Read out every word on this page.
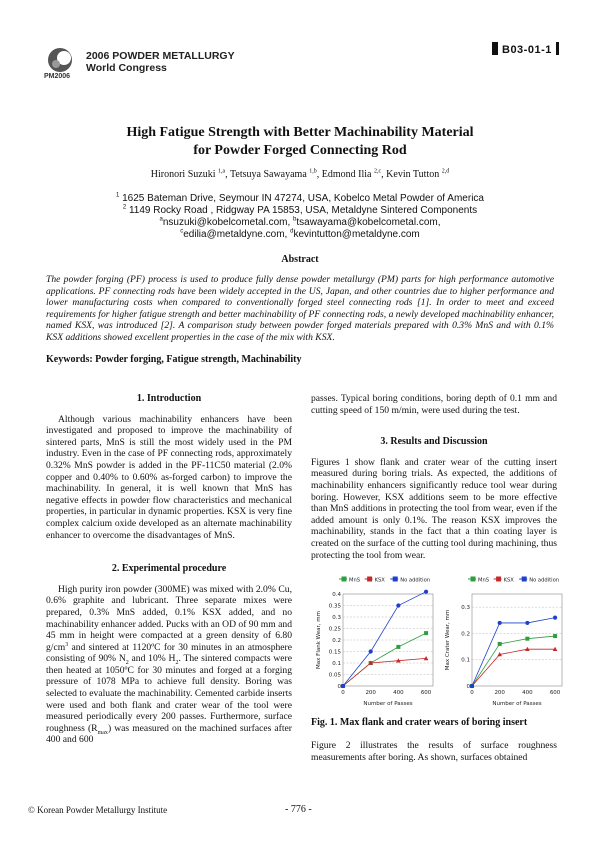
2006 POWDER METALLURGY
World Congress
PM2006
B03-01-1
High Fatigue Strength with Better Machinability Material
for Powder Forged Connecting Rod
Hironori Suzuki $^{1,a}$, Tetsuya Sawayama $^{1,b}$, Edmond Ilia $^{2,c}$, Kevin Tutton $^{2,d}$
$^1$ 1625 Bateman Drive, Seymour IN 47274, USA, Kobelco Metal Powder of America
$^2$ 1149 Rocky Road , Ridgway PA 15853, USA, Metaldyne Sintered Components
$^a$nsuzuki@kobelcometal.com, $^b$tsawayama@kobelcometal.com,
$^c$edilia@metaldyne.com, $^d$kevintutton@metaldyne.com
Abstract
The powder forging (PF) process is used to produce fully dense powder metallurgy (PM) parts for high performance automotive applications. PF connecting rods have been widely accepted in the US, Japan, and other countries due to higher performance and lower manufacturing costs when compared to conventionally forged steel connecting rods [1]. In order to meet and exceed requirements for higher fatigue strength and better machinability of PF connecting rods, a newly developed machinability enhancer, named KSX, was introduced [2]. A comparison study between powder forged materials prepared with 0.3% MnS and with 0.1% KSX additions showed excellent properties in the case of the mix with KSX.
Keywords: Powder forging, Fatigue strength, Machinability
1. Introduction

Although various machinability enhancers have been investigated and proposed to improve the machinability of sintered parts, MnS is still the most widely used in the PM industry. Even in the case of PF connecting rods, approximately 0.32% MnS powder is added in the PF-11C50 material (2.0% copper and 0.40% to 0.60% as-forged carbon) to improve the machinability. In general, it is well known that MnS has negative effects in powder flow characteristics and mechanical properties, in particular in dynamic properties. KSX is very fine complex calcium oxide developed as an alternate machinability enhancer to overcome the disadvantages of MnS.

2. Experimental procedure

High purity iron powder (300ME) was mixed with 2.0% Cu, 0.6% graphite and lubricant. Three separate mixes were prepared, 0.3% MnS added, 0.1% KSX added, and no machinability enhancer added. Pucks with an OD of 90 mm and 45 mm in height were compacted at a green density of 6.80 $g/cm^3$ and sintered at 1120ºC for 30 minutes in an atmosphere consisting of 90% $N_2$ and 10% $H_2$. The sintered compacts were then heated at 1050ºC for 30 minutes and forged at a forging pressure of 1078 MPa to achieve full density. Boring was selected to evaluate the machinability. Cemented carbide inserts were used and both flank and crater wear of the tool were measured periodically every 200 passes. Furthermore, surface roughness $(R_{max})$ was measured on the machined surfaces after 400 and 600

passes. Typical boring conditions, boring depth of 0.1 mm and cutting speed of 150 m/min, were used during the test.

3. Results and Discussion

Figures 1 show flank and crater wear of the cutting insert measured during boring trials. As expected, the additions of machinability enhancers significantly reduce tool wear during boring. However, KSX additions seem to be more effective than MnS additions in protecting the tool from wear, even if the added amount is only 0.1%. The reason KSX improves the machinability, stands in the fact that a thin coating layer is created on the surface of the cutting tool during machining, thus protecting the tool from wear.

MnS	KSX	No addition
0
0.05
0.1
0.15
0.2
0.25
0.3
0.35
0.4
0	200	400	600
Number of Passes
Max Flank Wear, mm
MnS	KSX	No addition
0
0.1
0.2
0.3
0	200	400	600
Number of Passes
Max Crater Wear, mm
Fig. 1. Max flank and crater wears of boring insert

Figure 2 illustrates the results of surface roughness measurements after boring. As shown, surfaces obtained

© Korean Powder Metallurgy Institute	- 776 -
